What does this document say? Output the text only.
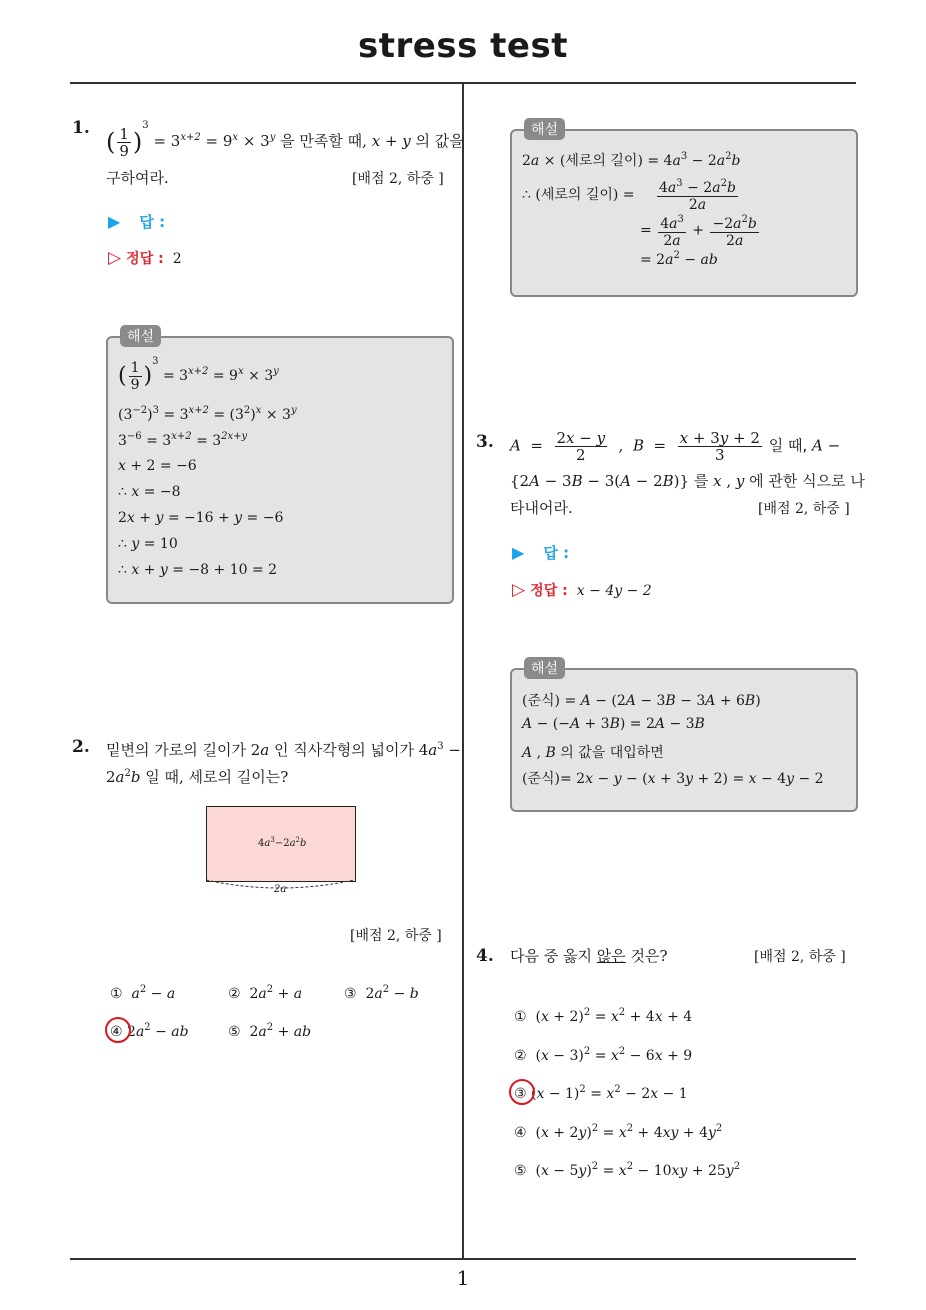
stress test
1
1. ( $\frac{1}{9} )^3 = 3^{x+2} = 9^x \times 3^y$ 을 만족할 때, x + y 의 값을
구하여라.	[배점 2, 하중 ]
▶ 답 :
▷ 정답 : 2
해설
( $\frac{1}{9} )^3 = 3^{x+2} = 9^x \times 3^y$
$(3^{-2})^3 = 3^{x+2} = (3^2)^x \times 3^y$
$3^{-6} = 3^{x+2} = 3^{2x+y}$
x + 2 = −6
∴ x = −8
2x + y = −16 + y = −6
∴ y = 10
∴ x + y = −8 + 10 = 2
2. 밑변의 가로의 길이가 2a 인 직사각형의 넓이가 $4a^3$ −
$2a^2b$ 일 때, 세로의 길이는?
$4a^3-2a^2b$
2a
[배점 2, 하중 ]
① $a^2 - a$	② $2a^2 + a$	③ $2a^2 - b$
④ $2a^2$ − ab	⑤ $2a^2$ + ab
해설
2a × (세로의 길이) = $4a^3 - 2a^2b$
∴ (세로의 길이) = $\frac{4a^3 - 2a^2b}{2a}$
= $\frac{4a^3}{2a} + \frac{-2a^2b}{2a}$
= $2a^2$ − ab
3. $A = \frac{2x - y}{2}$ ,  $B = \frac{x + 3y + 2}{3}$ 일 때, A −
{2A − 3B − 3(A − 2B)} 를 x , y 에 관한 식으로 나
타내어라.	[배점 2, 하중 ]
▶ 답 :
▷ 정답 : x − 4y − 2
해설
(준식) = A − (2A − 3B − 3A + 6B)
A − (−A + 3B) = 2A − 3B
A , B 의 값을 대입하면
(준식)= 2x − y − (x + 3y + 2) = x − 4y − 2
4. 다음 중 옳지 않은 것은?	[배점 2, 하중 ]
① $(x + 2)^2 = x^2 + 4x + 4$
② $(x - 3)^2 = x^2 - 6x + 9$
③ $(x - 1)^2 = x^2 - 2x - 1$
④ $(x + 2y)^2 = x^2 + 4xy + 4y^2$
⑤ $(x - 5y)^2 = x^2 - 10xy + 25y^2$
